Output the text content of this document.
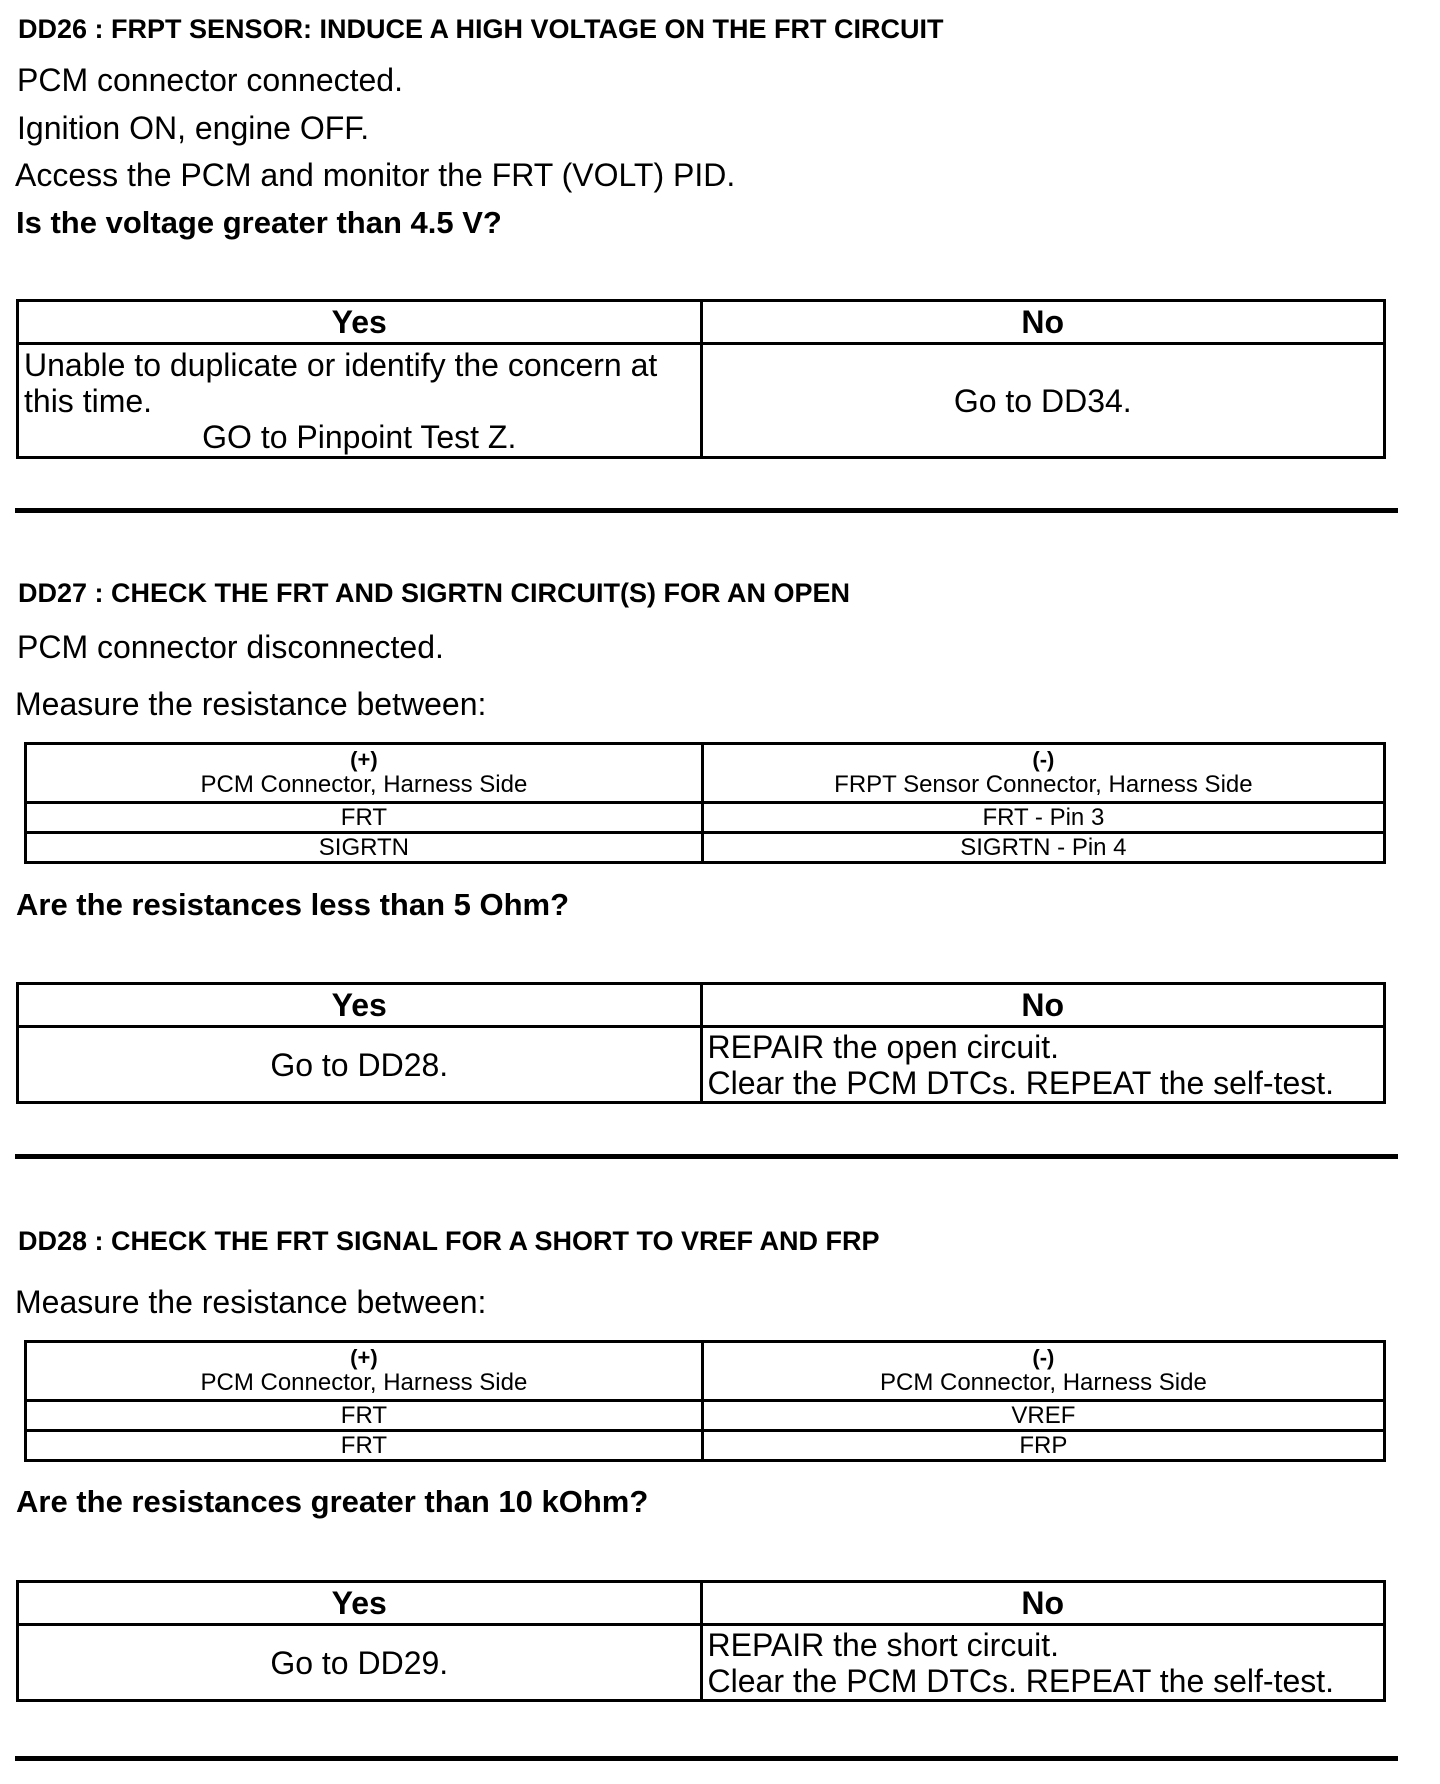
DD26 : FRPT SENSOR: INDUCE A HIGH VOLTAGE ON THE FRT CIRCUIT
PCM connector connected.
Ignition ON, engine OFF.
Access the PCM and monitor the FRT (VOLT) PID.
Is the voltage greater than 4.5 V?
Yes	No

Unable to duplicate or identify the concern at
this time.
GO to Pinpoint Test Z.	Go to DD34.
DD27 : CHECK THE FRT AND SIGRTN CIRCUIT(S) FOR AN OPEN
PCM connector disconnected.
Measure the resistance between:
(+)
PCM Connector, Harness Side	(-)
FRPT Sensor Connector, Harness Side
FRT	FRT - Pin 3
SIGRTN	SIGRTN - Pin 4
Are the resistances less than 5 Ohm?
Yes	No
Go to DD28.	REPAIR the open circuit.
Clear the PCM DTCs. REPEAT the self-test.
DD28 : CHECK THE FRT SIGNAL FOR A SHORT TO VREF AND FRP
Measure the resistance between:
(+)
PCM Connector, Harness Side	(-)
PCM Connector, Harness Side
FRT	VREF
FRT	FRP
Are the resistances greater than 10 kOhm?
Yes	No
Go to DD29.	REPAIR the short circuit.
Clear the PCM DTCs. REPEAT the self-test.
